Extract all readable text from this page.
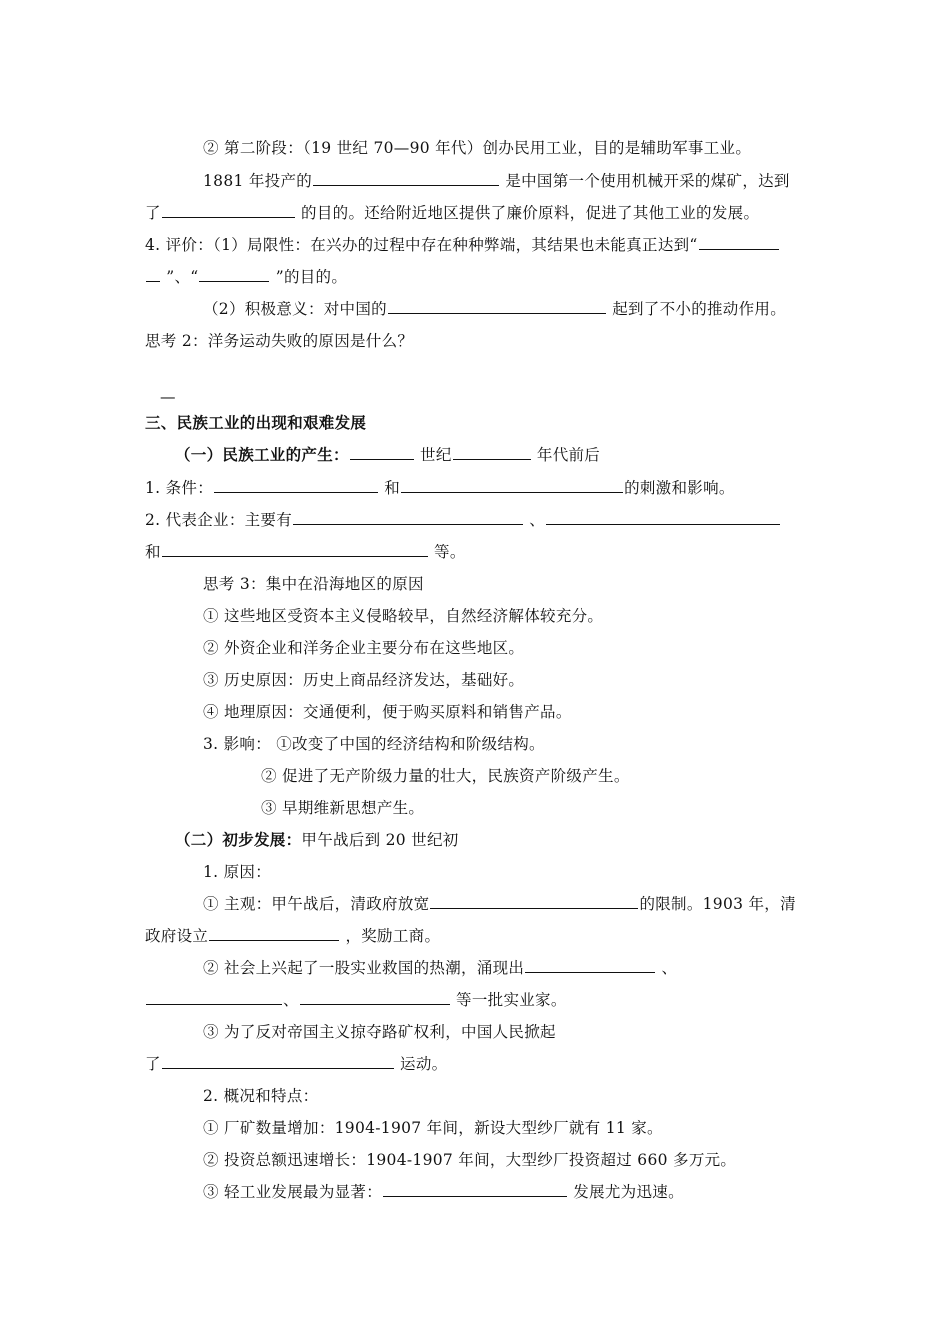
② 第二阶段：（19 世纪 70—90 年代）创办民用工业，目的是辅助军事工业。
1881 年投产的	是中国第一个使用机械开采的煤矿，达到
了	的目的。还给附近地区提供了廉价原料，促进了其他工业的发展。
4. 评价：（1）局限性：在兴办的过程中存在种种弊端，其结果也未能真正达到“
”、“	”的目的。
（2）积极意义：对中国的	起到了不小的推动作用。
思考 2：洋务运动失败的原因是什么？
—
三、民族工业的出现和艰难发展
（一）民族工业的产生：	世纪	年代前后
1. 条件：	和	的刺激和影响。
2. 代表企业：主要有	、
和	等。
思考 3：集中在沿海地区的原因
① 这些地区受资本主义侵略较早，自然经济解体较充分。
② 外资企业和洋务企业主要分布在这些地区。
③ 历史原因：历史上商品经济发达，基础好。
④ 地理原因：交通便利，便于购买原料和销售产品。
3. 影响： ①改变了中国的经济结构和阶级结构。
② 促进了无产阶级力量的壮大，民族资产阶级产生。
③ 早期维新思想产生。
（二）初步发展：甲午战后到 20 世纪初
1. 原因：
① 主观：甲午战后，清政府放宽	的限制。1903 年，清
政府设立	，奖励工商。
② 社会上兴起了一股实业救国的热潮，涌现出	、
、	等一批实业家。
③ 为了反对帝国主义掠夺路矿权利，中国人民掀起
了	运动。
2. 概况和特点：
① 厂矿数量增加：1904-1907 年间，新设大型纱厂就有 11 家。
② 投资总额迅速增长：1904-1907 年间，大型纱厂投资超过 660 多万元。
③ 轻工业发展最为显著：	发展尤为迅速。
